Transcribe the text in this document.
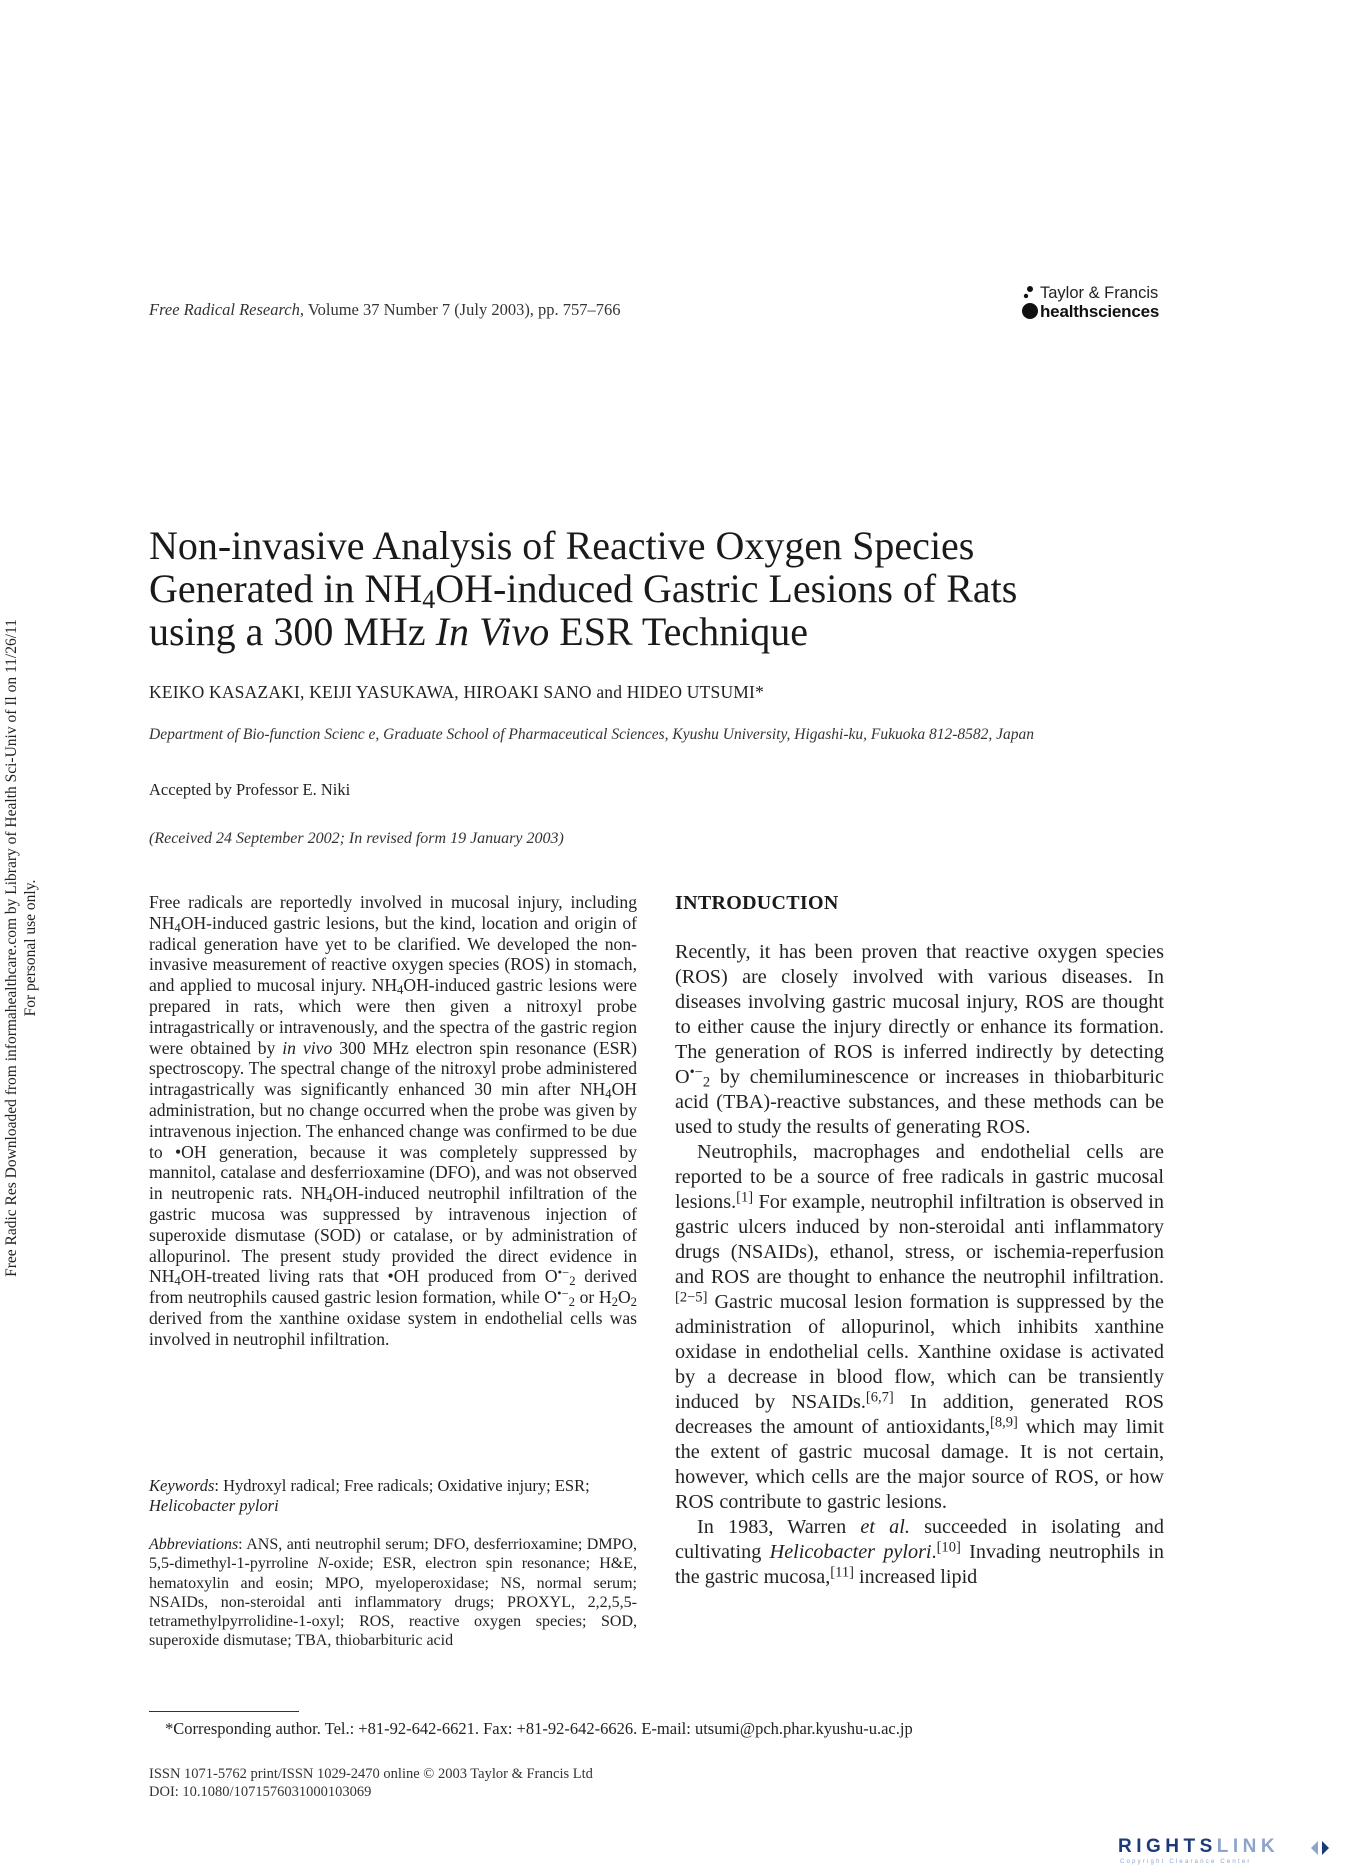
Free Radical Research, Volume 37 Number 7 (July 2003), pp. 757–766
Taylor & Francis
healthsciences
Free Radic Res Downloaded from informahealthcare.com by Library of Health Sci-Univ of Il on 11/26/11 For personal use only.
Non-invasive Analysis of Reactive Oxygen Species
Generated in $NH_4OH$-induced Gastric Lesions of Rats
using a 300 MHz In Vivo ESR Technique
KEIKO KASAZAKI, KEIJI YASUKAWA, HIROAKI SANO and HIDEO UTSUMI*
Department of Bio-function Scienc e, Graduate School of Pharmaceutical Sciences, Kyushu University, Higashi-ku, Fukuoka 812-8582, Japan
Accepted by Professor E. Niki
(Received 24 September 2002; In revised form 19 January 2003)

Free radicals are reportedly involved in mucosal injury, including $NH_4OH$-induced gastric lesions, but the kind, location and origin of radical generation have yet to be clarified. We developed the non-invasive measurement of reactive oxygen species (ROS) in stomach, and applied to mucosal injury. $NH_4OH$-induced gastric lesions were prepared in rats, which were then given a nitroxyl probe intragastrically or intravenously, and the spectra of the gastric region were obtained by in vivo 300 MHz electron spin resonance (ESR) spectroscopy. The spectral change of the nitroxyl probe administered intragastrically was significantly enhanced 30 min after $NH_4OH$ administration, but no change occurred when the probe was given by intravenous injection. The enhanced change was confirmed to be due to •OH generation, because it was completely suppressed by mannitol, catalase and desferrioxamine (DFO), and was not observed in neutropenic rats. $NH_4OH$-induced neutrophil infiltration of the gastric mucosa was suppressed by intravenous injection of superoxide dismutase (SOD) or catalase, or by administration of allopurinol. The present study provided the direct evidence in $NH_4OH$-treated living rats that •OH produced from $O^{•-}_2$ derived from neutrophils caused gastric lesion formation, while $O^{•-}_2$ or $H_2O_2$ derived from the xanthine oxidase system in endothelial cells was involved in neutrophil infiltration.

Keywords: Hydroxyl radical; Free radicals; Oxidative injury; ESR; Helicobacter pylori
Abbreviations: ANS, anti neutrophil serum; DFO, desferrioxamine; DMPO, 5,5-dimethyl-1-pyrroline N-oxide; ESR, electron spin resonance; H&E, hematoxylin and eosin; MPO, myeloperoxidase; NS, normal serum; NSAIDs, non-steroidal anti inflammatory drugs; PROXYL, 2,2,5,5-tetramethylpyrrolidine-1-oxyl; ROS, reactive oxygen species; SOD, superoxide dismutase; TBA, thiobarbituric acid
INTRODUCTION

Recently, it has been proven that reactive oxygen species (ROS) are closely involved with various diseases. In diseases involving gastric mucosal injury, ROS are thought to either cause the injury directly or enhance its formation. The generation of ROS is inferred indirectly by detecting $O^{•-}_2$ by chemiluminescence or increases in thiobarbituric acid (TBA)-reactive substances, and these methods can be used to study the results of generating ROS.

Neutrophils, macrophages and endothelial cells are reported to be a source of free radicals in gastric mucosal lesions.[1] For example, neutrophil infiltration is observed in gastric ulcers induced by non-steroidal anti inflammatory drugs (NSAIDs), ethanol, stress, or ischemia-reperfusion and ROS are thought to enhance the neutrophil infiltration.[2−5] Gastric mucosal lesion formation is suppressed by the administration of allopurinol, which inhibits xanthine oxidase in endothelial cells. Xanthine oxidase is activated by a decrease in blood flow, which can be transiently induced by NSAIDs.[6,7] In addition, generated ROS decreases the amount of antioxidants,[8,9] which may limit the extent of gastric mucosal damage. It is not certain, however, which cells are the major source of ROS, or how ROS contribute to gastric lesions.

In 1983, Warren et al. succeeded in isolating and cultivating Helicobacter pylori.[10] Invading neutrophils in the gastric mucosa,[11] increased lipid

*Corresponding author. Tel.: +81-92-642-6621. Fax: +81-92-642-6626. E-mail: utsumi@pch.phar.kyushu-u.ac.jp
ISSN 1071-5762 print/ISSN 1029-2470 online © 2003 Taylor & Francis Ltd
DOI: 10.1080/1071576031000103069
RIGHTSLINK
Copyright Clearance Center
